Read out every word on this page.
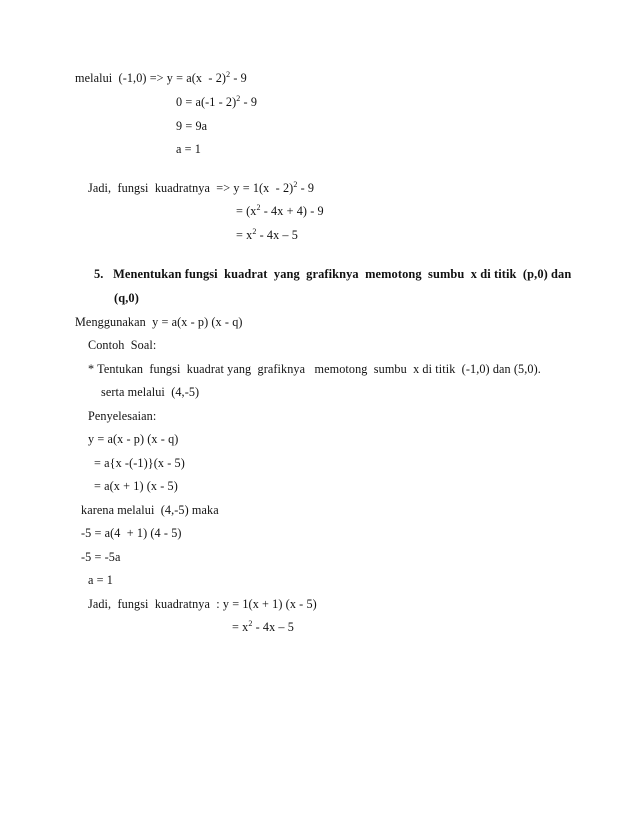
melalui  (-1,0) => y = a(x  - 2)$^2$ - 9
0 = a(-1 - 2)$^2$ - 9
9 = 9a
a = 1
Jadi,  fungsi  kuadratnya  => y = 1(x  - 2)$^2$ - 9
= $(x^2 - 4x + 4) - 9$
= $x^2 - 4x - 5$
5.   Menentukan fungsi  kuadrat  yang  grafiknya  memotong  sumbu  x di titik  (p,0) dan
(q,0)
Menggunakan  y = a(x - p) (x - q)
Contoh  Soal:
* Tentukan  fungsi  kuadrat yang  grafiknya   memotong  sumbu  x di titik  (-1,0) dan (5,0).
serta melalui  (4,-5)
Penyelesaian:
y = a(x - p) (x - q)
= a{x -(-1)}(x - 5)
= a(x + 1) (x - 5)
karena melalui  (4,-5) maka
-5 = a(4  + 1) (4 - 5)
-5 = -5a
a = 1
Jadi,  fungsi  kuadratnya  : y = 1(x + 1) (x - 5)
= $x^2 - 4x - 5$
